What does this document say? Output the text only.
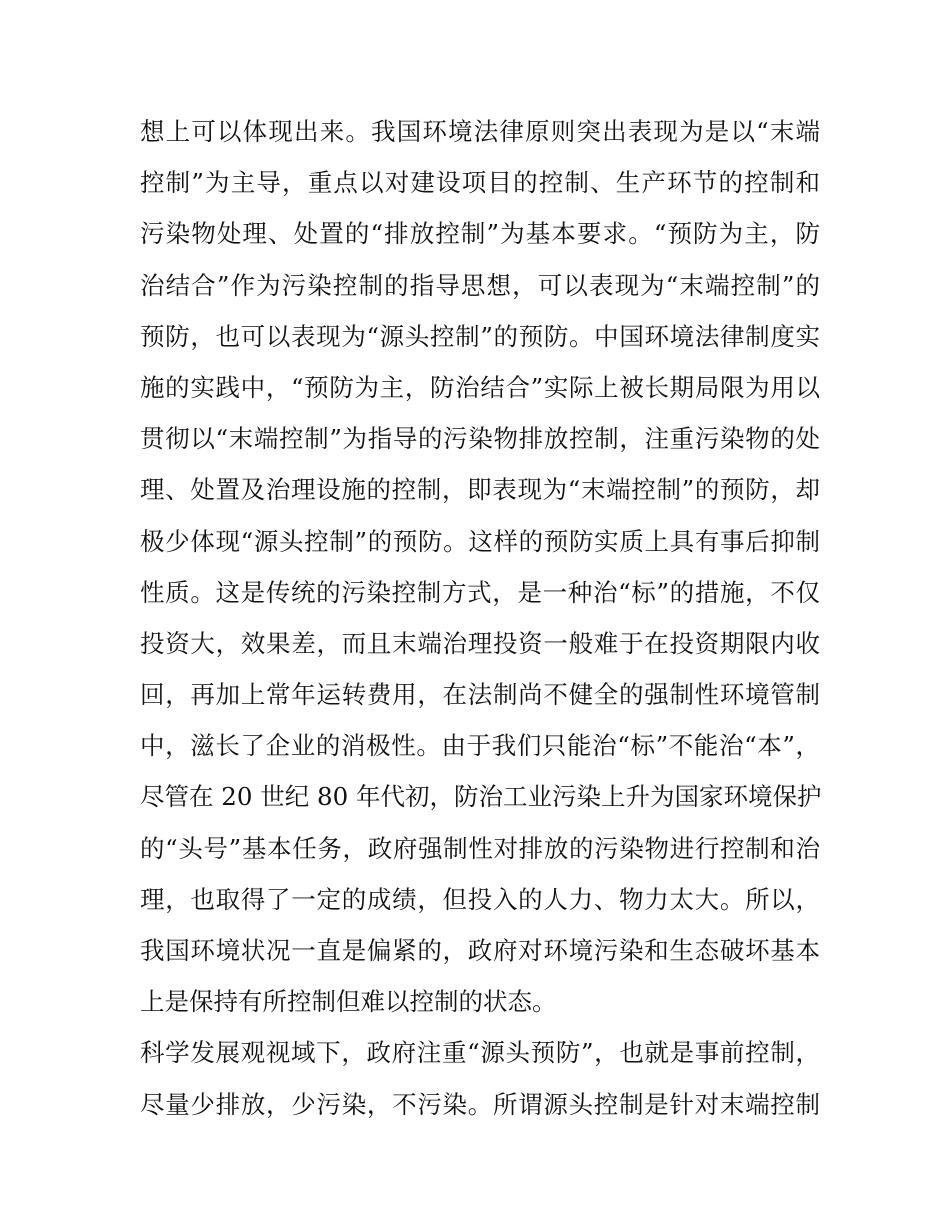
想上可以体现出来。我国环境法律原则突出表现为是以“末端
控制”为主导，重点以对建设项目的控制、生产环节的控制和
污染物处理、处置的“排放控制”为基本要求。“预防为主，防
治结合”作为污染控制的指导思想，可以表现为“末端控制”的
预防，也可以表现为“源头控制”的预防。中国环境法律制度实
施的实践中，“预防为主，防治结合”实际上被长期局限为用以
贯彻以“末端控制”为指导的污染物排放控制，注重污染物的处
理、处置及治理设施的控制，即表现为“末端控制”的预防，却
极少体现“源头控制”的预防。这样的预防实质上具有事后抑制
性质。这是传统的污染控制方式，是一种治“标”的措施，不仅
投资大，效果差，而且末端治理投资一般难于在投资期限内收
回，再加上常年运转费用，在法制尚不健全的强制性环境管制
中，滋长了企业的消极性。由于我们只能治“标”不能治“本”，
尽管在 20 世纪 80 年代初，防治工业污染上升为国家环境保护
的“头号”基本任务，政府强制性对排放的污染物进行控制和治
理，也取得了一定的成绩，但投入的人力、物力太大。所以，
我国环境状况一直是偏紧的，政府对环境污染和生态破坏基本
上是保持有所控制但难以控制的状态。
科学发展观视域下，政府注重“源头预防”，也就是事前控制，
尽量少排放，少污染，不污染。所谓源头控制是针对末端控制
